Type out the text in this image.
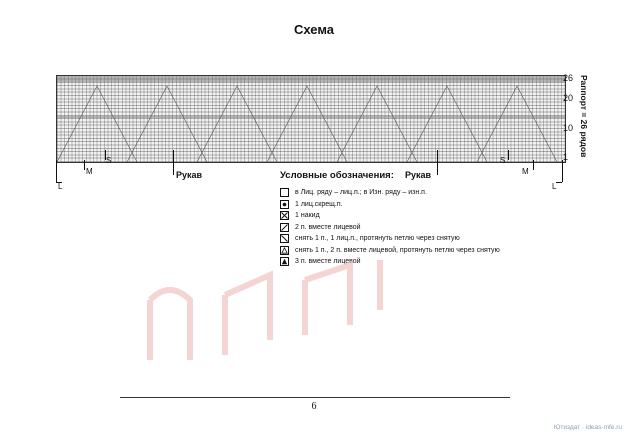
Схема
26
20
10
1 Раппорт = 26 рядов
L
M
S
Рукав	Рукав
S
M
L
Условные обозначения:
в Лиц. ряду – лиц.п.; в Изн. ряду – изн.п.
1 лиц.скрещ.п.
1 накид
2 п. вместе лицевой
снять 1 п., 1 лиц.п., протянуть петлю через снятую
снять 1 п., 2 п. вместе лицевой, протянуть петлю через снятую
3 п. вместе лицевой
6
Ютиздат · ideas-mfe.ru
